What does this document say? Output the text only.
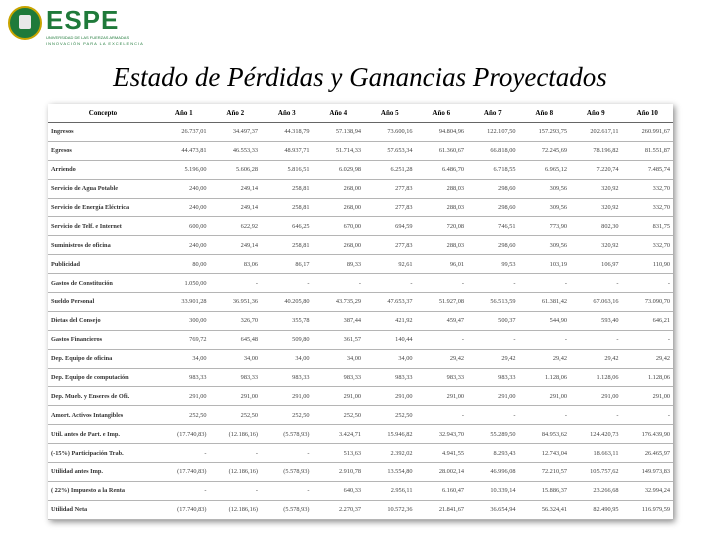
ESPE
UNIVERSIDAD DE LAS FUERZAS ARMADAS
INNOVACIÓN PARA LA EXCELENCIA
Estado de Pérdidas y Ganancias Proyectados
Concepto	Año 1	Año 2	Año 3	Año 4	Año 5	Año 6	Año 7	Año 8	Año 9	Año 10
Ingresos	26.737,01	34.497,37	44.318,79	57.138,94	73.600,16	94.804,96	122.107,50	157.293,75	202.617,11	260.991,67
Egresos	44.473,81	46.553,33	48.937,71	51.714,33	57.653,34	61.360,67	66.818,00	72.245,69	78.196,82	81.551,87
Arriendo	5.196,00	5.606,28	5.816,51	6.029,98	6.251,28	6.486,70	6.718,55	6.965,12	7.220,74	7.485,74
Servicio de Agua Potable	240,00	249,14	258,81	268,00	277,83	288,03	298,60	309,56	320,92	332,70
Servicio de Energía Eléctrica	240,00	249,14	258,81	268,00	277,83	288,03	298,60	309,56	320,92	332,70
Servicio de Telf. e Internet	600,00	622,92	646,25	670,00	694,59	720,08	746,51	773,90	802,30	831,75
Suministros de oficina	240,00	249,14	258,81	268,00	277,83	288,03	298,60	309,56	320,92	332,70
Publicidad	80,00	83,06	86,17	89,33	92,61	96,01	99,53	103,19	106,97	110,90
Gastos de Constitución	1.050,00	-	-	-	-	-	-	-	-	-
Sueldo Personal	33.901,28	36.951,36	40.205,80	43.735,29	47.653,37	51.927,08	56.513,59	61.381,42	67.063,16	73.090,70
Dietas del Consejo	300,00	326,70	355,78	387,44	421,92	459,47	500,37	544,90	593,40	646,21
Gastos Financieros	769,72	645,48	509,80	361,57	140,44	-	-	-	-	-
Dep. Equipo de oficina	34,00	34,00	34,00	34,00	34,00	29,42	29,42	29,42	29,42	29,42
Dep. Equipo de computación	983,33	983,33	983,33	983,33	983,33	983,33	983,33	1.128,06	1.128,06	1.128,06
Dep. Mueb. y Enseres de Ofi.	291,00	291,00	291,00	291,00	291,00	291,00	291,00	291,00	291,00	291,00
Amort. Activos Intangibles	252,50	252,50	252,50	252,50	252,50	-	-	-	-	-
Util. antes de Part. e Imp.	(17.740,83)	(12.186,16)	(5.578,93)	3.424,71	15.946,82	32.943,70	55.289,50	84.953,62	124.420,73	176.439,90
(-15%) Participación Trab.	-	-	-	513,63	2.392,02	4.941,55	8.293,43	12.743,04	18.663,11	26.465,97
Utilidad antes Imp.	(17.740,83)	(12.186,16)	(5.578,93)	2.910,78	13.554,80	28.002,14	46.996,08	72.210,57	105.757,62	149.973,83
( 22%) Impuesto a la Renta	-	-	-	640,33	2.956,11	6.160,47	10.339,14	15.886,37	23.266,68	32.994,24
Utilidad Neta	(17.740,83)	(12.186,16)	(5.578,93)	2.270,37	10.572,36	21.841,67	36.654,94	56.324,41	82.490,95	116.979,59
